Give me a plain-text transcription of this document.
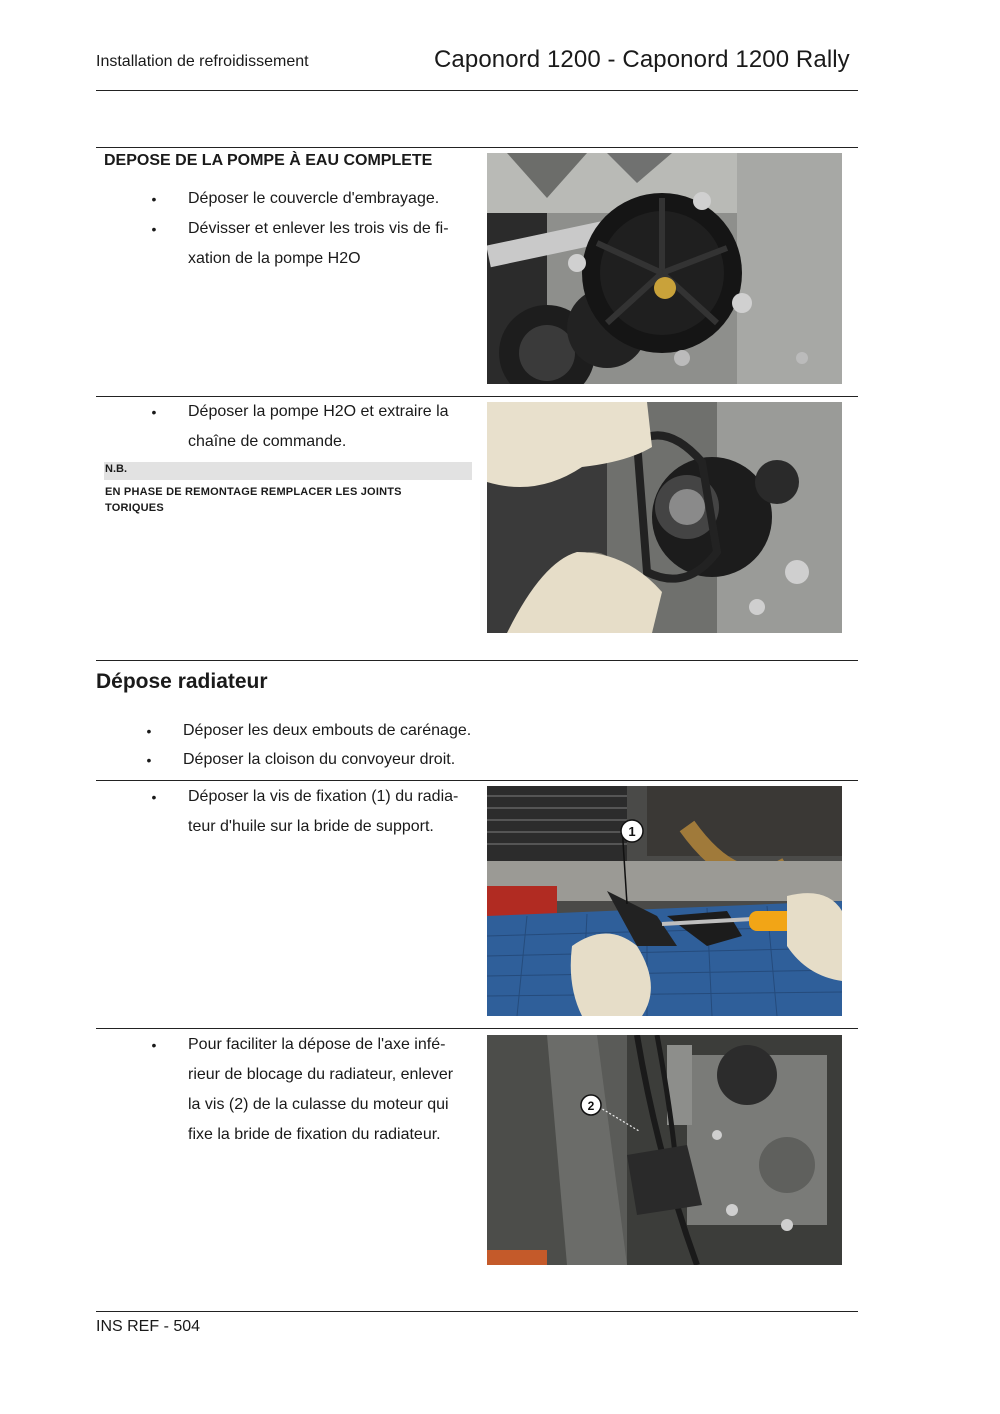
Installation de refroidissement	Caponord 1200 - Caponord 1200 Rally
DEPOSE DE LA POMPE À EAU COMPLETE
• Déposer le couvercle d'embrayage.
• Dévisser et enlever les trois vis de fi-
xation de la pompe H2O
• Déposer la pompe H2O et extraire la
chaîne de commande.
N.B.
EN PHASE DE REMONTAGE REMPLACER LES JOINTS
TORIQUES
Dépose radiateur
• Déposer les deux embouts de carénage.
• Déposer la cloison du convoyeur droit.
• Déposer la vis de fixation (1) du radia-
teur d'huile sur la bride de support.	1
• Pour faciliter la dépose de l'axe infé-
rieur de blocage du radiateur, enlever
la vis (2) de la culasse du moteur qui
fixe la bride de fixation du radiateur.
2
INS REF - 504
